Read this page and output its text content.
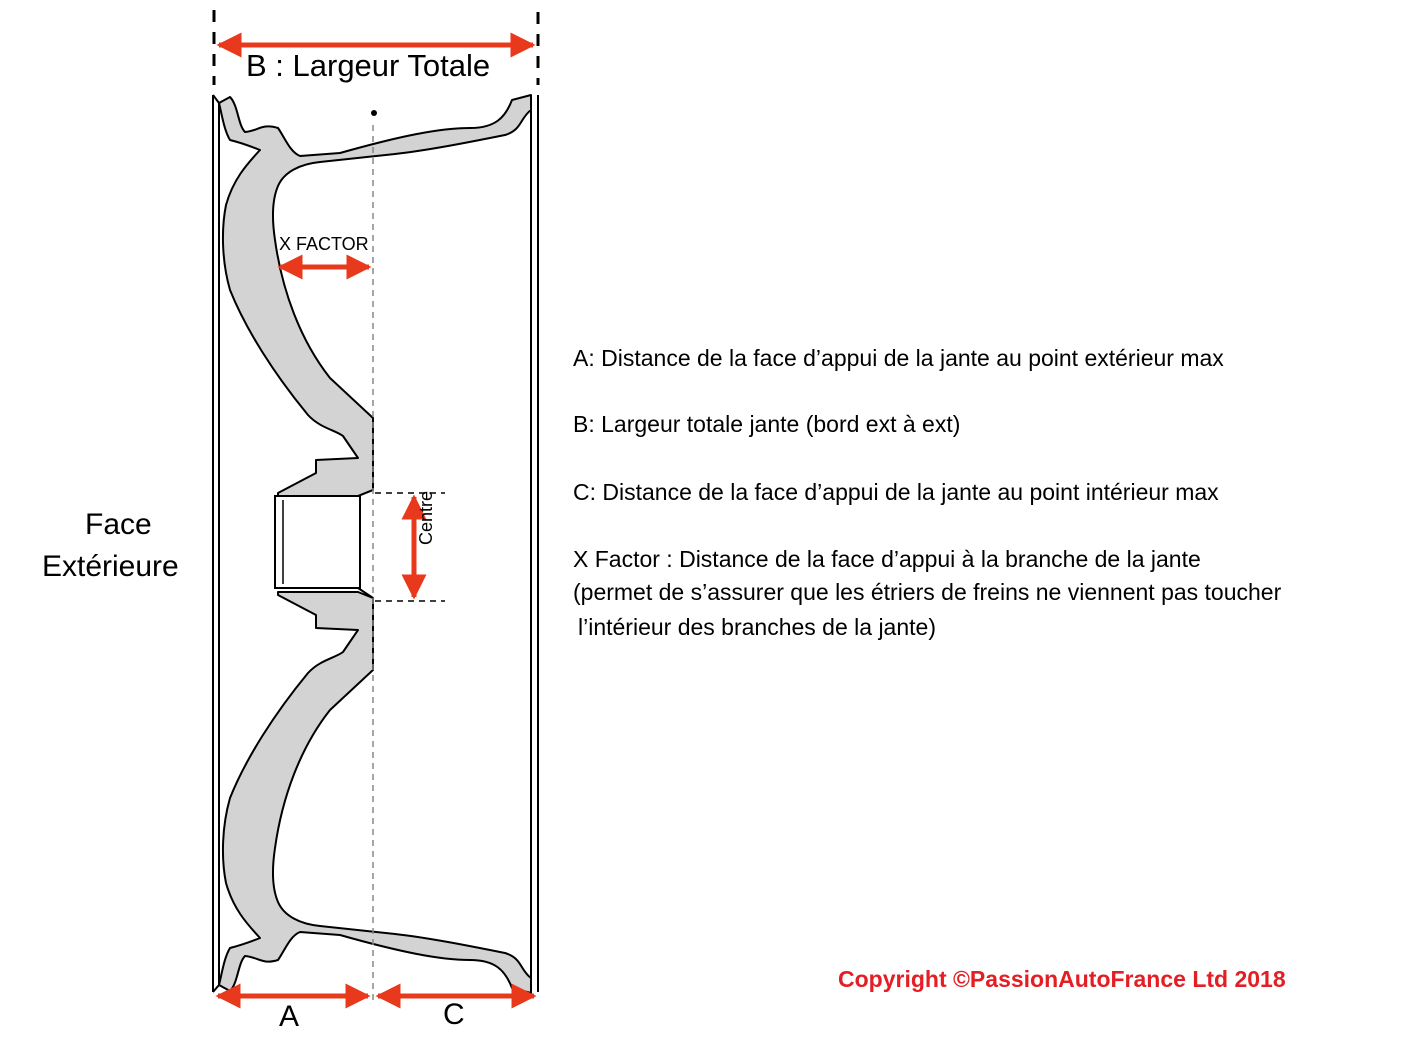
B : Largeur Totale
Face
Extérieure
X FACTOR
Centre
A	C
A: Distance de la face d’appui de la jante au point extérieur max
B: Largeur totale jante (bord ext à ext)
C: Distance de la face d’appui de la jante au point intérieur max
X Factor : Distance de la face d’appui à la branche de la jante
(permet de s’assurer que les étriers de freins ne viennent pas toucher
l’intérieur des branches de la jante)
Copyright ©PassionAutoFrance Ltd 2018
